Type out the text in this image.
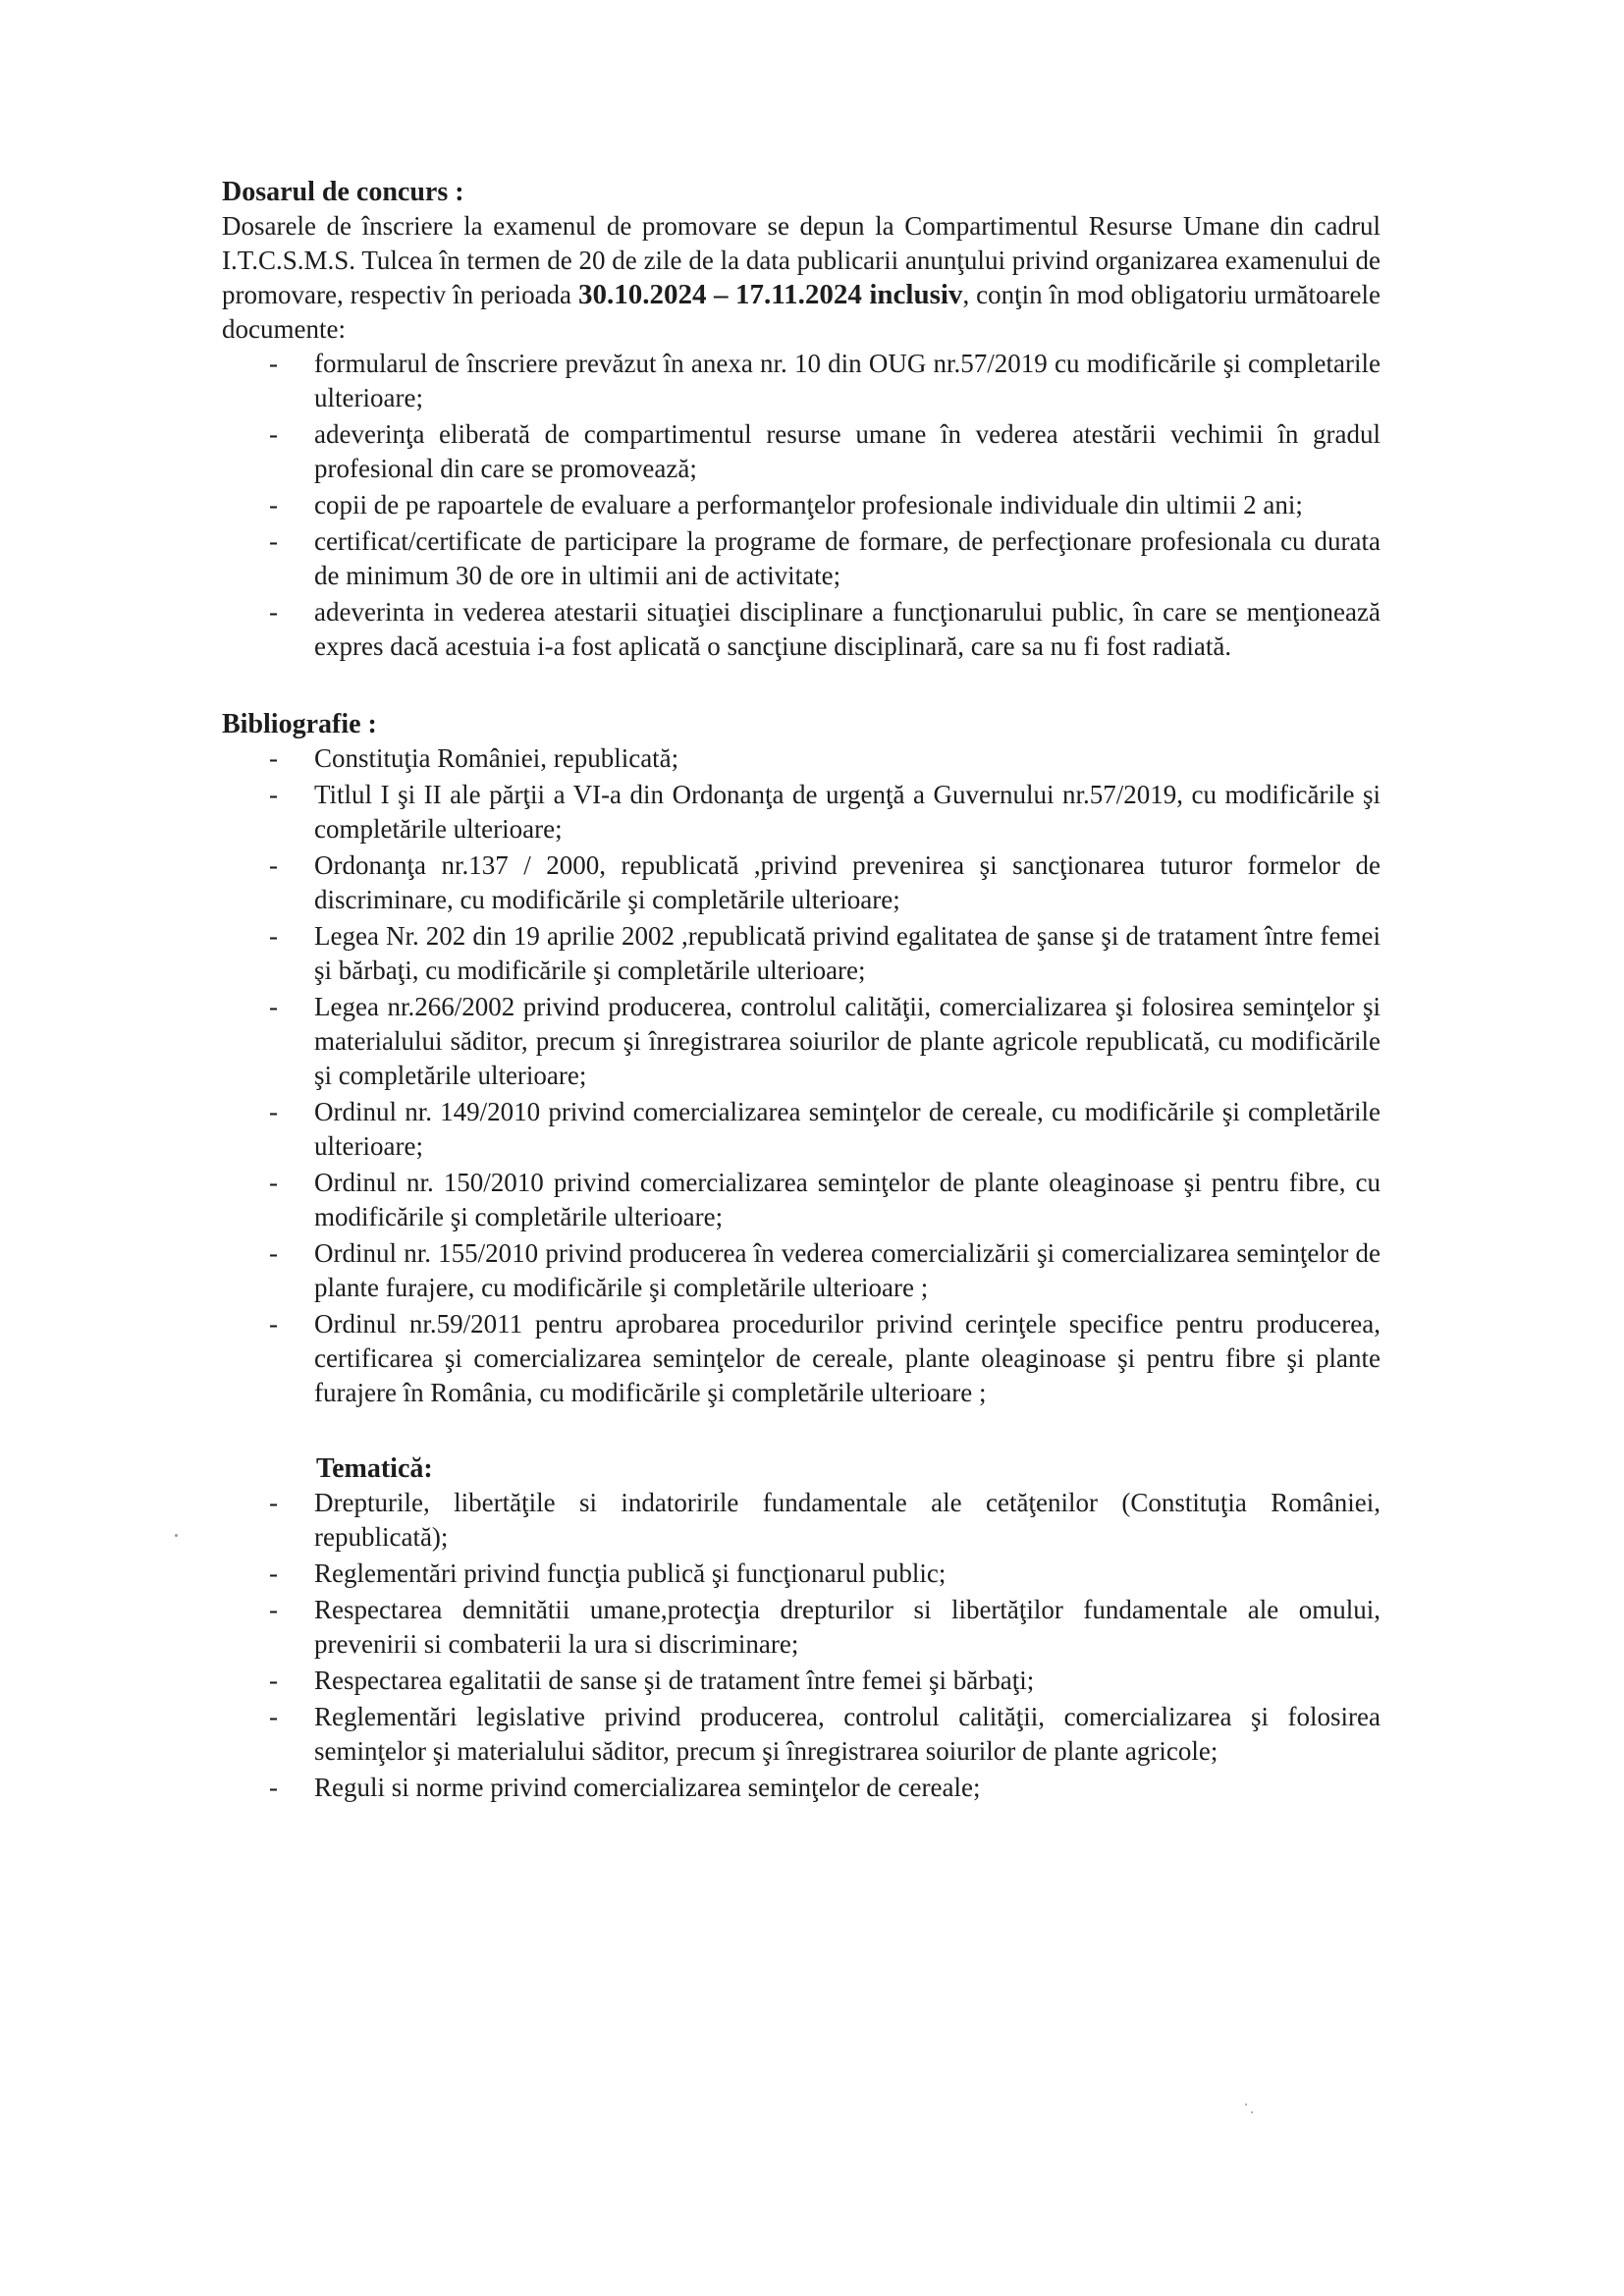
Dosarul de concurs :

Dosarele de înscriere la examenul de promovare se depun la Compartimentul Resurse Umane din cadrul I.T.C.S.M.S. Tulcea în termen de 20 de zile de la data publicarii anunţului privind organizarea examenului de promovare, respectiv în perioada 30.10.2024 – 17.11.2024 inclusiv, conţin în mod obligatoriu următoarele documente:

- formularul de înscriere prevăzut în anexa nr. 10 din OUG nr.57/2019 cu modificările şi completarile ulterioare;
- adeverinţa eliberată de compartimentul resurse umane în vederea atestării vechimii în gradul profesional din care se promovează;
- copii de pe rapoartele de evaluare a performanţelor profesionale individuale din ultimii 2 ani;
- certificat/certificate de participare la programe de formare, de perfecţionare profesionala cu durata de minimum 30 de ore in ultimii ani de activitate;
- adeverinta in vederea atestarii situaţiei disciplinare a funcţionarului public, în care se menţionează expres dacă acestuia i-a fost aplicată o sancţiune disciplinară, care sa nu fi fost radiată.

Bibliografie :

- Constituţia României, republicată;
- Titlul I şi II ale părţii a VI-a din Ordonanţa de urgenţă a Guvernului nr.57/2019, cu modificările şi completările ulterioare;
- Ordonanţa nr.137 / 2000, republicată ,privind prevenirea şi sancţionarea tuturor formelor de discriminare, cu modificările şi completările ulterioare;
- Legea Nr. 202 din 19 aprilie 2002 ,republicată privind egalitatea de şanse şi de tratament între femei şi bărbaţi, cu modificările şi completările ulterioare;
- Legea nr.266/2002 privind producerea, controlul calităţii, comercializarea şi folosirea seminţelor şi materialului săditor, precum şi înregistrarea soiurilor de plante agricole republicată, cu modificările şi completările ulterioare;
- Ordinul nr. 149/2010 privind comercializarea seminţelor de cereale, cu modificările şi completările ulterioare;
- Ordinul nr. 150/2010 privind comercializarea seminţelor de plante oleaginoase şi pentru fibre, cu modificările şi completările ulterioare;
- Ordinul nr. 155/2010 privind producerea în vederea comercializării şi comercializarea seminţelor de plante furajere, cu modificările şi completările ulterioare ;
- Ordinul nr.59/2011 pentru aprobarea procedurilor privind cerinţele specifice pentru producerea, certificarea şi comercializarea seminţelor de cereale, plante oleaginoase şi pentru fibre şi plante furajere în România, cu modificările şi completările ulterioare ;

Tematică:

- Drepturile, libertăţile si indatoririle fundamentale ale cetăţenilor (Constituţia României, republicată);
- Reglementări privind funcţia publică şi funcţionarul public;
- Respectarea demnitătii umane,protecţia drepturilor si libertăţilor fundamentale ale omului, prevenirii si combaterii la ura si discriminare;
- Respectarea egalitatii de sanse şi de tratament între femei şi bărbaţi;
- Reglementări legislative privind producerea, controlul calităţii, comercializarea şi folosirea seminţelor şi materialului săditor, precum şi înregistrarea soiurilor de plante agricole;
- Reguli si norme privind comercializarea seminţelor de cereale;
